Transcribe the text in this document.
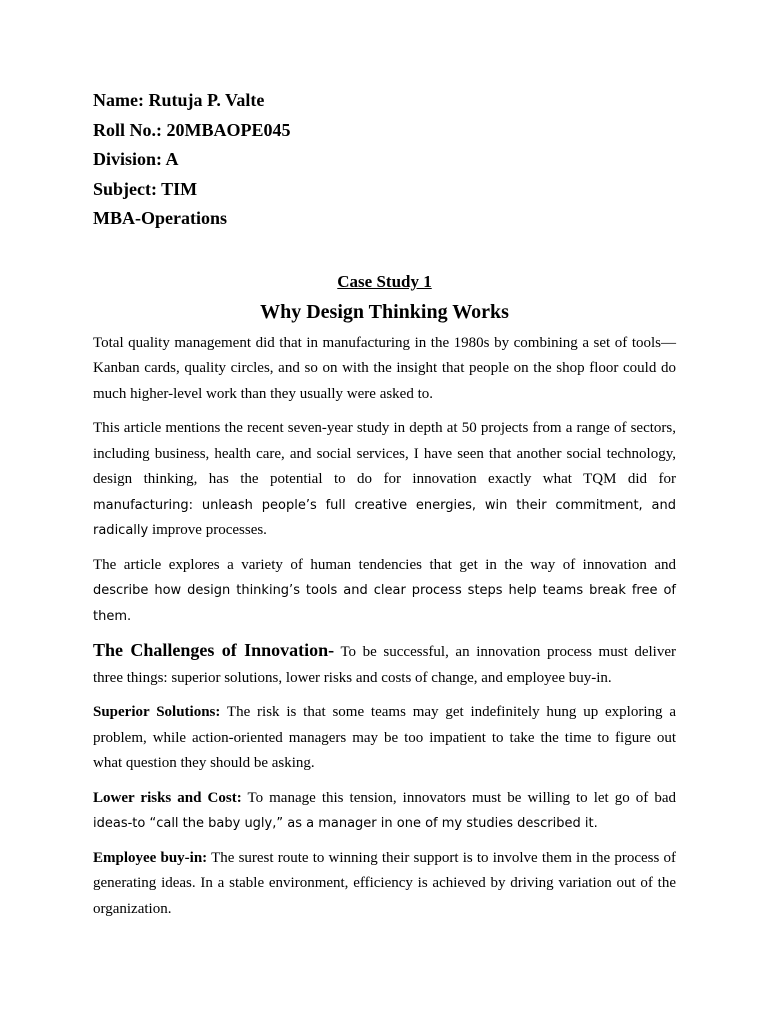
Name: Rutuja P. Valte

Roll No.: 20MBAOPE045

Division: A

Subject: TIM

MBA-Operations

Case Study 1

Why Design Thinking Works

Total quality management did that in manufacturing in the 1980s by combining a set of tools—Kanban cards, quality circles, and so on with the insight that people on the shop floor could do much higher-level work than they usually were asked to.

This article mentions the recent seven-year study in depth at 50 projects from a range of sectors, including business, health care, and social services, I have seen that another social technology, design thinking, has the potential to do for innovation exactly what TQM did for manufacturing: unleash people’s full creative energies, win their commitment, and radically improve processes.

The article explores a variety of human tendencies that get in the way of innovation and describe how design thinking’s tools and clear process steps help teams break free of them.

The Challenges of Innovation- To be successful, an innovation process must deliver three things: superior solutions, lower risks and costs of change, and employee buy-in.

Superior Solutions: The risk is that some teams may get indefinitely hung up exploring a problem, while action-oriented managers may be too impatient to take the time to figure out what question they should be asking.

Lower risks and Cost: To manage this tension, innovators must be willing to let go of bad ideas-to “call the baby ugly,” as a manager in one of my studies described it.

Employee buy-in: The surest route to winning their support is to involve them in the process of generating ideas. In a stable environment, efficiency is achieved by driving variation out of the organization.
